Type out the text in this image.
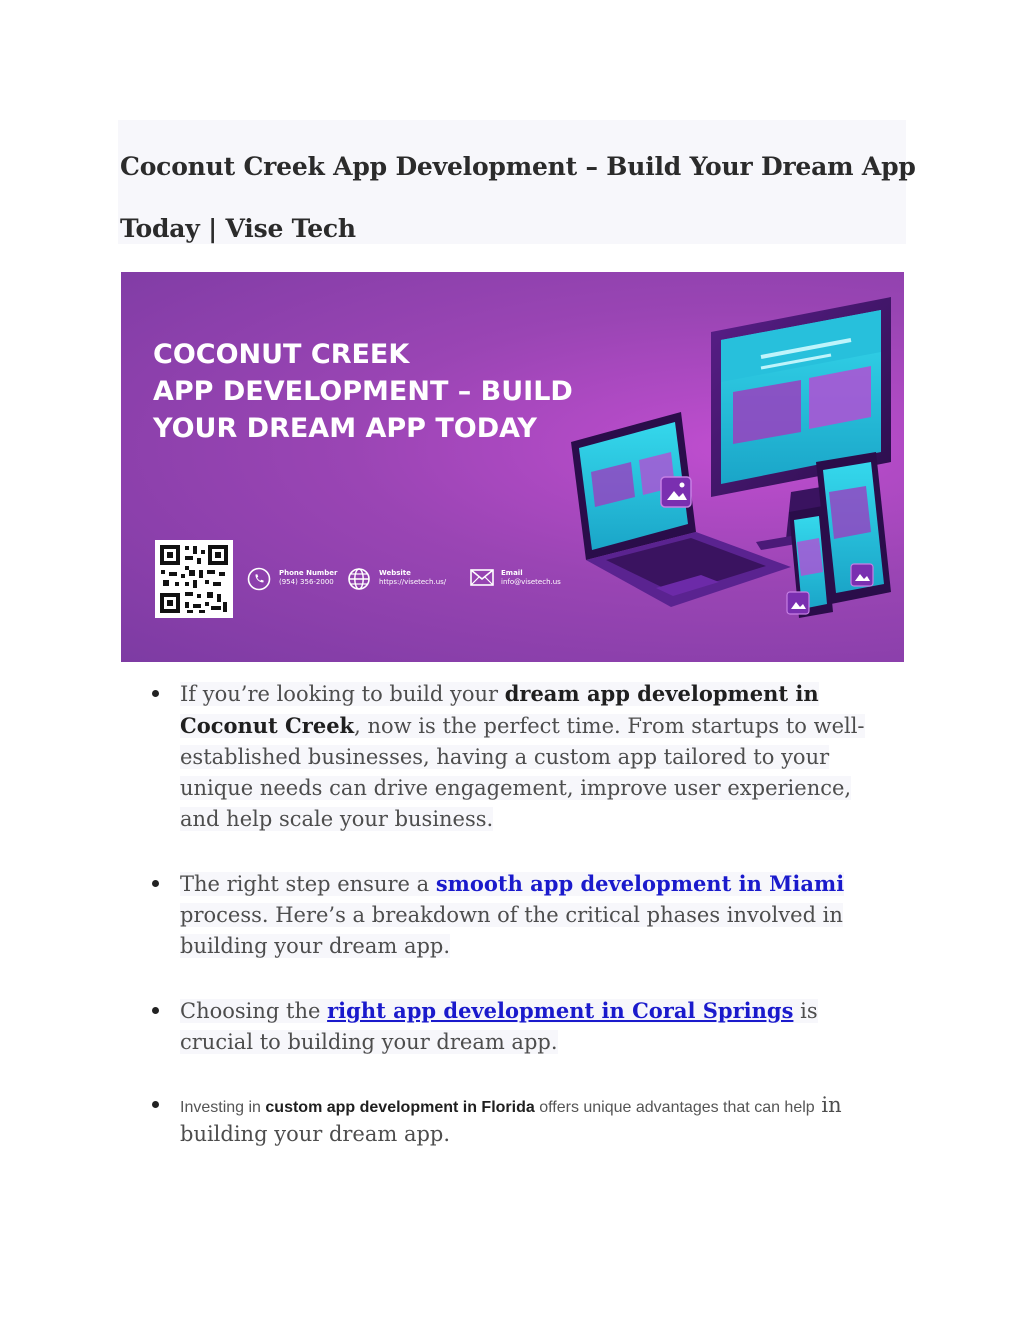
Coconut Creek App Development – Build Your Dream App
Today | Vise Tech
COCONUT CREEK
APP DEVELOPMENT – BUILD
YOUR DREAM APP TODAY
Phone Number
(954) 356-2000
Website
https://visetech.us/
Email
info@visetech.us
If you’re looking to build your dream app development in Coconut Creek, now is the perfect time. From startups to well-established businesses, having a custom app tailored to your unique needs can drive engagement, improve user experience, and help scale your business.
The right step ensure a smooth app development in Miami process. Here’s a breakdown of the critical phases involved in building your dream app.
Choosing the right app development in Coral Springs is crucial to building your dream app.
Investing in custom app development in Florida offers unique advantages that can help in building your dream app.
